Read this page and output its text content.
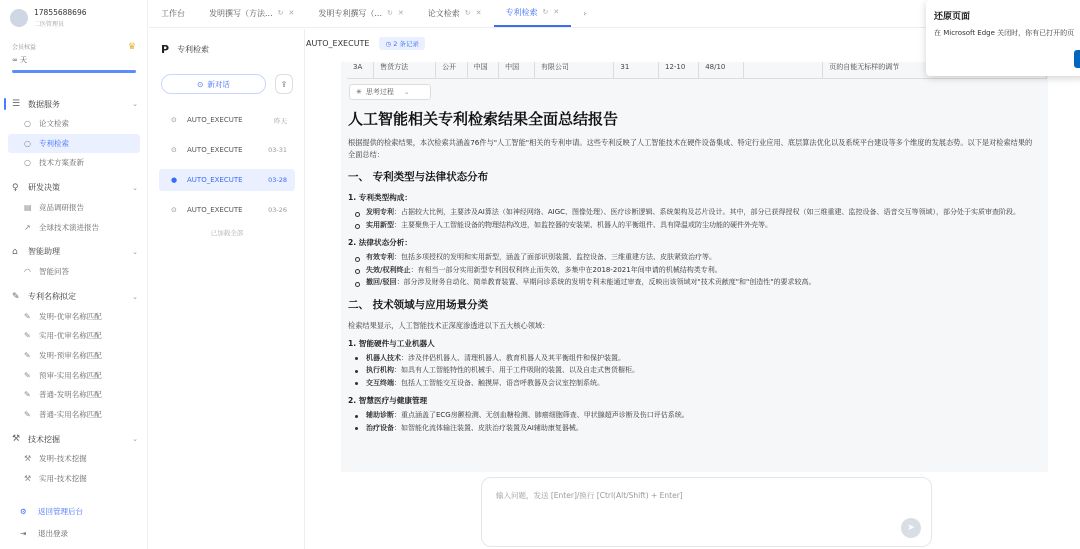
17855688696
二医管理员
会员权益	♛
∞ 天
☰ 数据服务	⌄
○ 论文检索
○ 专利检索
○ 技术方案查新
♀	研发决策	⌄
▤ 竞品调研报告
↗	全球技术演进报告
⌂	智能助理	⌄
◠ 智能问答
✎	专利名称拟定	⌄
✎	发明-优审名称匹配
✎	实用-优审名称匹配
✎	发明-预审名称匹配
✎	预审-实用名称匹配
✎	普通-发明名称匹配
✎	普通-实用名称匹配
⚒ 技术挖掘	⌄
⚒ 发明-技术挖掘
⚒ 实用-技术挖掘
⚙	返回管理后台
⇥	退出登录
工作台	发明撰写（方法... ↻ ✕	发明专利撰写（... ↻ ✕	论文检索 ↻ ✕	专利检索 ↻ ✕	›
P 专利检索
⊙ 新对话	⇪
⊙	AUTO_EXECUTE	昨天
⊙	AUTO_EXECUTE	03-31
●	AUTO_EXECUTE	03-28
⊙	AUTO_EXECUTE	03-26
已加载全部
AUTO_EXECUTE	◷ 2 条记录
3A	售货方法	公开	中国	中国	有限公司	31	12-10	48/10	页的自能无标样的调节
✳ 思考过程 ⌄
人工智能相关专利检索结果全面总结报告
根据提供的检索结果，本次检索共涵盖76件与"人工智能"相关的专利申请。这些专利反映了人工智能技术在硬件设备集成、特定行业应用、底层算法优化以及系统平台建设等多个维度的发展态势。以下是对检索结果的全面总结：
一、 专利类型与法律状态分布
1. 专利类型构成：
发明专利：占据较大比例，主要涉及AI算法（如神经网络、AIGC、图像处理）、医疗诊断逻辑、系统架构及芯片设计。其中，部分已获得授权（如三维重建、监控设备、语音交互等领域），部分处于实质审查阶段。
实用新型：主要聚焦于人工智能设备的物理结构改进，如监控器的安装架、机器人的平衡组件、具有降温或防尘功能的硬件外壳等。
2. 法律状态分析：
有效专利：包括多项授权的发明和实用新型，涵盖了面部识别装置、监控设备、三维重建方法、皮肤紧致治疗等。
失效/权利终止：有相当一部分实用新型专利因权利终止而失效，多集中在2018-2021年间申请的机械结构类专利。
撤回/驳回：部分涉及财务自动化、简单教育装置、早期问诊系统的发明专利未能通过审查，反映出该领域对"技术贡献度"和"创造性"的要求较高。
二、 技术领域与应用场景分类
检索结果显示，人工智能技术正深度渗透进以下五大核心领域：
1. 智能硬件与工业机器人
机器人技术：涉及伴侣机器人、清理机器人、教育机器人及其平衡组件和保护装置。
执行机构：如具有人工智能特性的机械手、用于工件吸附的装置、以及自走式售货橱柜。
交互终端：包括人工智能交互设备、触摸屏、语音呼教器及会议室控制系统。
2. 智慧医疗与健康管理
辅助诊断：重点涵盖了ECG房颤检测、无创血糖检测、肺癌细胞筛查、甲状腺超声诊断及伤口评估系统。
治疗设备：如智能化流体输注装置、皮肤治疗装置及AI辅助康复器械。
输入问题，发送 [Enter]/换行 [Ctrl(Alt/Shift) + Enter]
➤
还原页面
在 Microsoft Edge 关闭时，你有已打开的页
